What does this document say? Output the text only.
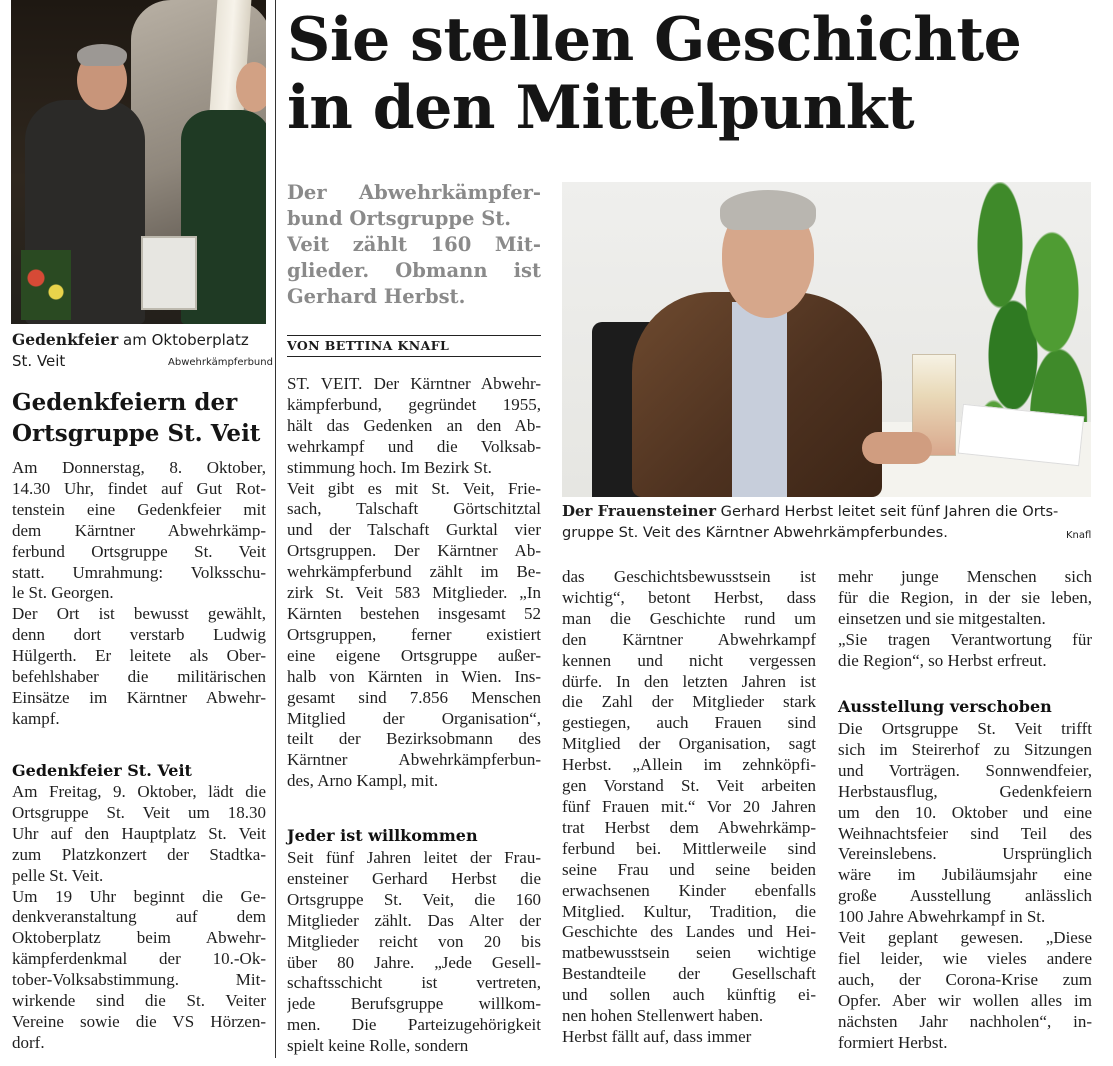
Gedenkfeier am Oktoberplatz
St. Veit	Abwehrkämpferbund
Gedenkfeiern der
Ortsgruppe St. Veit
Am Donnerstag, 8. Oktober,
14.30 Uhr, findet auf Gut Rot-
tenstein eine Gedenkfeier mit
dem Kärntner Abwehrkämp-
ferbund Ortsgruppe St. Veit
statt. Umrahmung: Volksschu-
le St. Georgen.
Der Ort ist bewusst gewählt,
denn dort verstarb Ludwig
Hülgerth. Er leitete als Ober-
befehlshaber die militärischen
Einsätze im Kärntner Abwehr-
kampf.
Gedenkfeier St. Veit
Am Freitag, 9. Oktober, lädt die
Ortsgruppe St. Veit um 18.30
Uhr auf den Hauptplatz St. Veit
zum Platzkonzert der Stadtka-
pelle St. Veit.
Um 19 Uhr beginnt die Ge-
denkveranstaltung auf dem
Oktoberplatz beim Abwehr-
kämpferdenkmal der 10.-Ok-
tober-Volksabstimmung. Mit-
wirkende sind die St. Veiter
Vereine sowie die VS Hörzen-
dorf.
Sie stellen Geschichte
in den Mittelpunkt
Der Abwehrkämpfer-
bund Ortsgruppe St.
Veit zählt 160 Mit-
glieder. Obmann ist
Gerhard Herbst.
VON BETTINA KNAFL
Der Frauensteiner Gerhard Herbst leitet seit fünf Jahren die Orts-
gruppe St. Veit des Kärntner Abwehrkämpferbundes.	Knafl
ST. VEIT. Der Kärntner Abwehr-
kämpferbund, gegründet 1955,
hält das Gedenken an den Ab-
wehrkampf und die Volksab-
stimmung hoch. Im Bezirk St.
Veit gibt es mit St. Veit, Frie-
sach, Talschaft Görtschitztal
und der Talschaft Gurktal vier
Ortsgruppen. Der Kärntner Ab-
wehrkämpferbund zählt im Be-
zirk St. Veit 583 Mitglieder. „In
Kärnten bestehen insgesamt 52
Ortsgruppen, ferner existiert
eine eigene Ortsgruppe außer-
halb von Kärnten in Wien. Ins-
gesamt sind 7.856 Menschen
Mitglied der Organisation“,
teilt der Bezirksobmann des
Kärntner Abwehrkämpferbun-
des, Arno Kampl, mit.
Jeder ist willkommen
Seit fünf Jahren leitet der Frau-
ensteiner Gerhard Herbst die
Ortsgruppe St. Veit, die 160
Mitglieder zählt. Das Alter der
Mitglieder reicht von 20 bis
über 80 Jahre. „Jede Gesell-
schaftsschicht ist vertreten,
jede Berufsgruppe willkom-
men. Die Parteizugehörigkeit
spielt keine Rolle, sondern
das Geschichtsbewusstsein ist
wichtig“, betont Herbst, dass
man die Geschichte rund um
den Kärntner Abwehrkampf
kennen und nicht vergessen
dürfe. In den letzten Jahren ist
die Zahl der Mitglieder stark
gestiegen, auch Frauen sind
Mitglied der Organisation, sagt
Herbst. „Allein im zehnköpfi-
gen Vorstand St. Veit arbeiten
fünf Frauen mit.“ Vor 20 Jahren
trat Herbst dem Abwehrkämp-
ferbund bei. Mittlerweile sind
seine Frau und seine beiden
erwachsenen Kinder ebenfalls
Mitglied. Kultur, Tradition, die
Geschichte des Landes und Hei-
matbewusstsein seien wichtige
Bestandteile der Gesellschaft
und sollen auch künftig ei-
nen hohen Stellenwert haben.
Herbst fällt auf, dass immer
mehr junge Menschen sich
für die Region, in der sie leben,
einsetzen und sie mitgestalten.
„Sie tragen Verantwortung für
die Region“, so Herbst erfreut.
Ausstellung verschoben
Die Ortsgruppe St. Veit trifft
sich im Steirerhof zu Sitzungen
und Vorträgen. Sonnwendfeier,
Herbstausflug, Gedenkfeiern
um den 10. Oktober und eine
Weihnachtsfeier sind Teil des
Vereinslebens. Ursprünglich
wäre im Jubiläumsjahr eine
große Ausstellung anlässlich
100 Jahre Abwehrkampf in St.
Veit geplant gewesen. „Diese
fiel leider, wie vieles andere
auch, der Corona-Krise zum
Opfer. Aber wir wollen alles im
nächsten Jahr nachholen“, in-
formiert Herbst.
